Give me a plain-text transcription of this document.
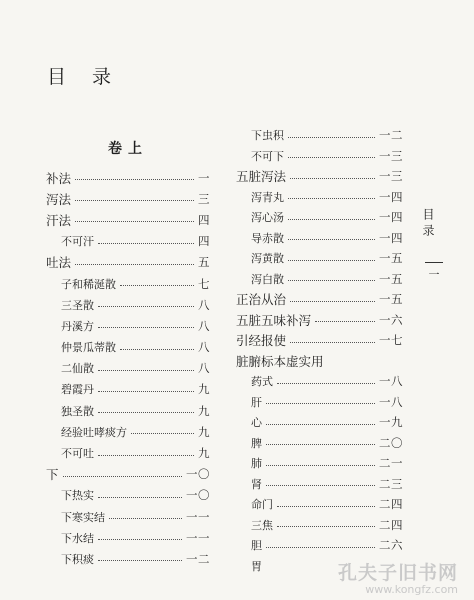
目 录
卷上
补法	一
泻法	三
汗法	四
不可汗	四
吐法	五
子和稀涎散	七
三圣散	八
丹溪方	八
仲景瓜蒂散	八
二仙散	八
碧霞丹	九
独圣散	九
经验吐哮痰方	九
不可吐	九
下	一〇
下热实	一〇
下寒实结	一一
下水结	一一
下积痰	一二
下虫积	一二
不可下	一三
五脏泻法	一三
泻青丸	一四
泻心汤	一四
导赤散	一四
泻黄散	一五
泻白散	一五
正治从治	一五
五脏五味补泻	一六
引经报使	一七
脏腑标本虚实用
药式	一八
肝	一八
心	一九
脾	二〇
肺	二一
肾	二三
命门	二四
三焦	二四
胆	二六
胃
目 录
一
孔夫子旧书网
www.kongfz.com
